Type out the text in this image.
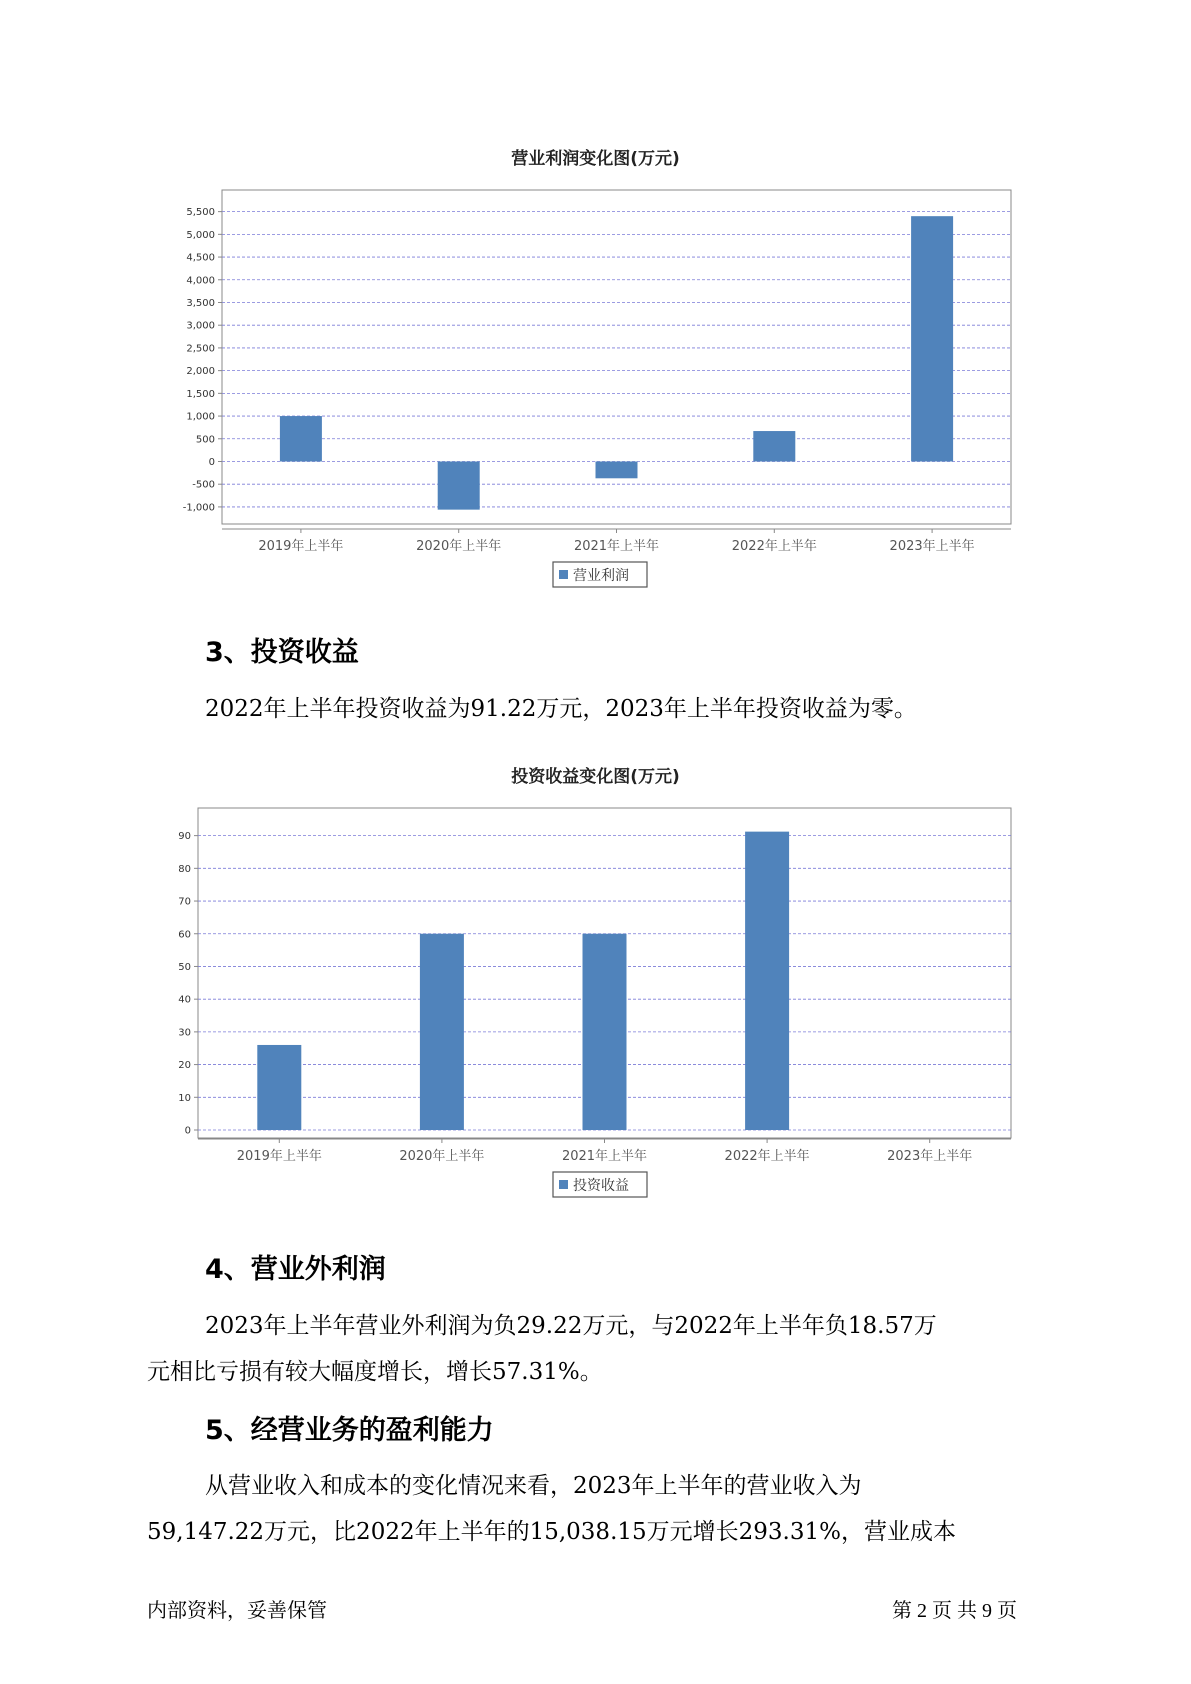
营业利润变化图(万元)
5,500
5,000
4,500
4,000
3,500
3,000
2,500
2,000
1,500
1,000
500
0
-500
-1,000
2019年上半年	2020年上半年	2021年上半年	2022年上半年	2023年上半年
营业利润
3、投资收益

2022年上半年投资收益为91.22万元，2023年上半年投资收益为零。

投资收益变化图(万元)
90
80
70
60
50
40
30
20
10
0
2019年上半年	2020年上半年	2021年上半年	2022年上半年	2023年上半年
投资收益
4、营业外利润

2023年上半年营业外利润为负29.22万元，与2022年上半年负18.57万

元相比亏损有较大幅度增长，增长57.31%。

5、经营业务的盈利能力

从营业收入和成本的变化情况来看，2023年上半年的营业收入为

59,147.22万元，比2022年上半年的15,038.15万元增长293.31%，营业成本

内部资料，妥善保管	第 2 页 共 9 页
